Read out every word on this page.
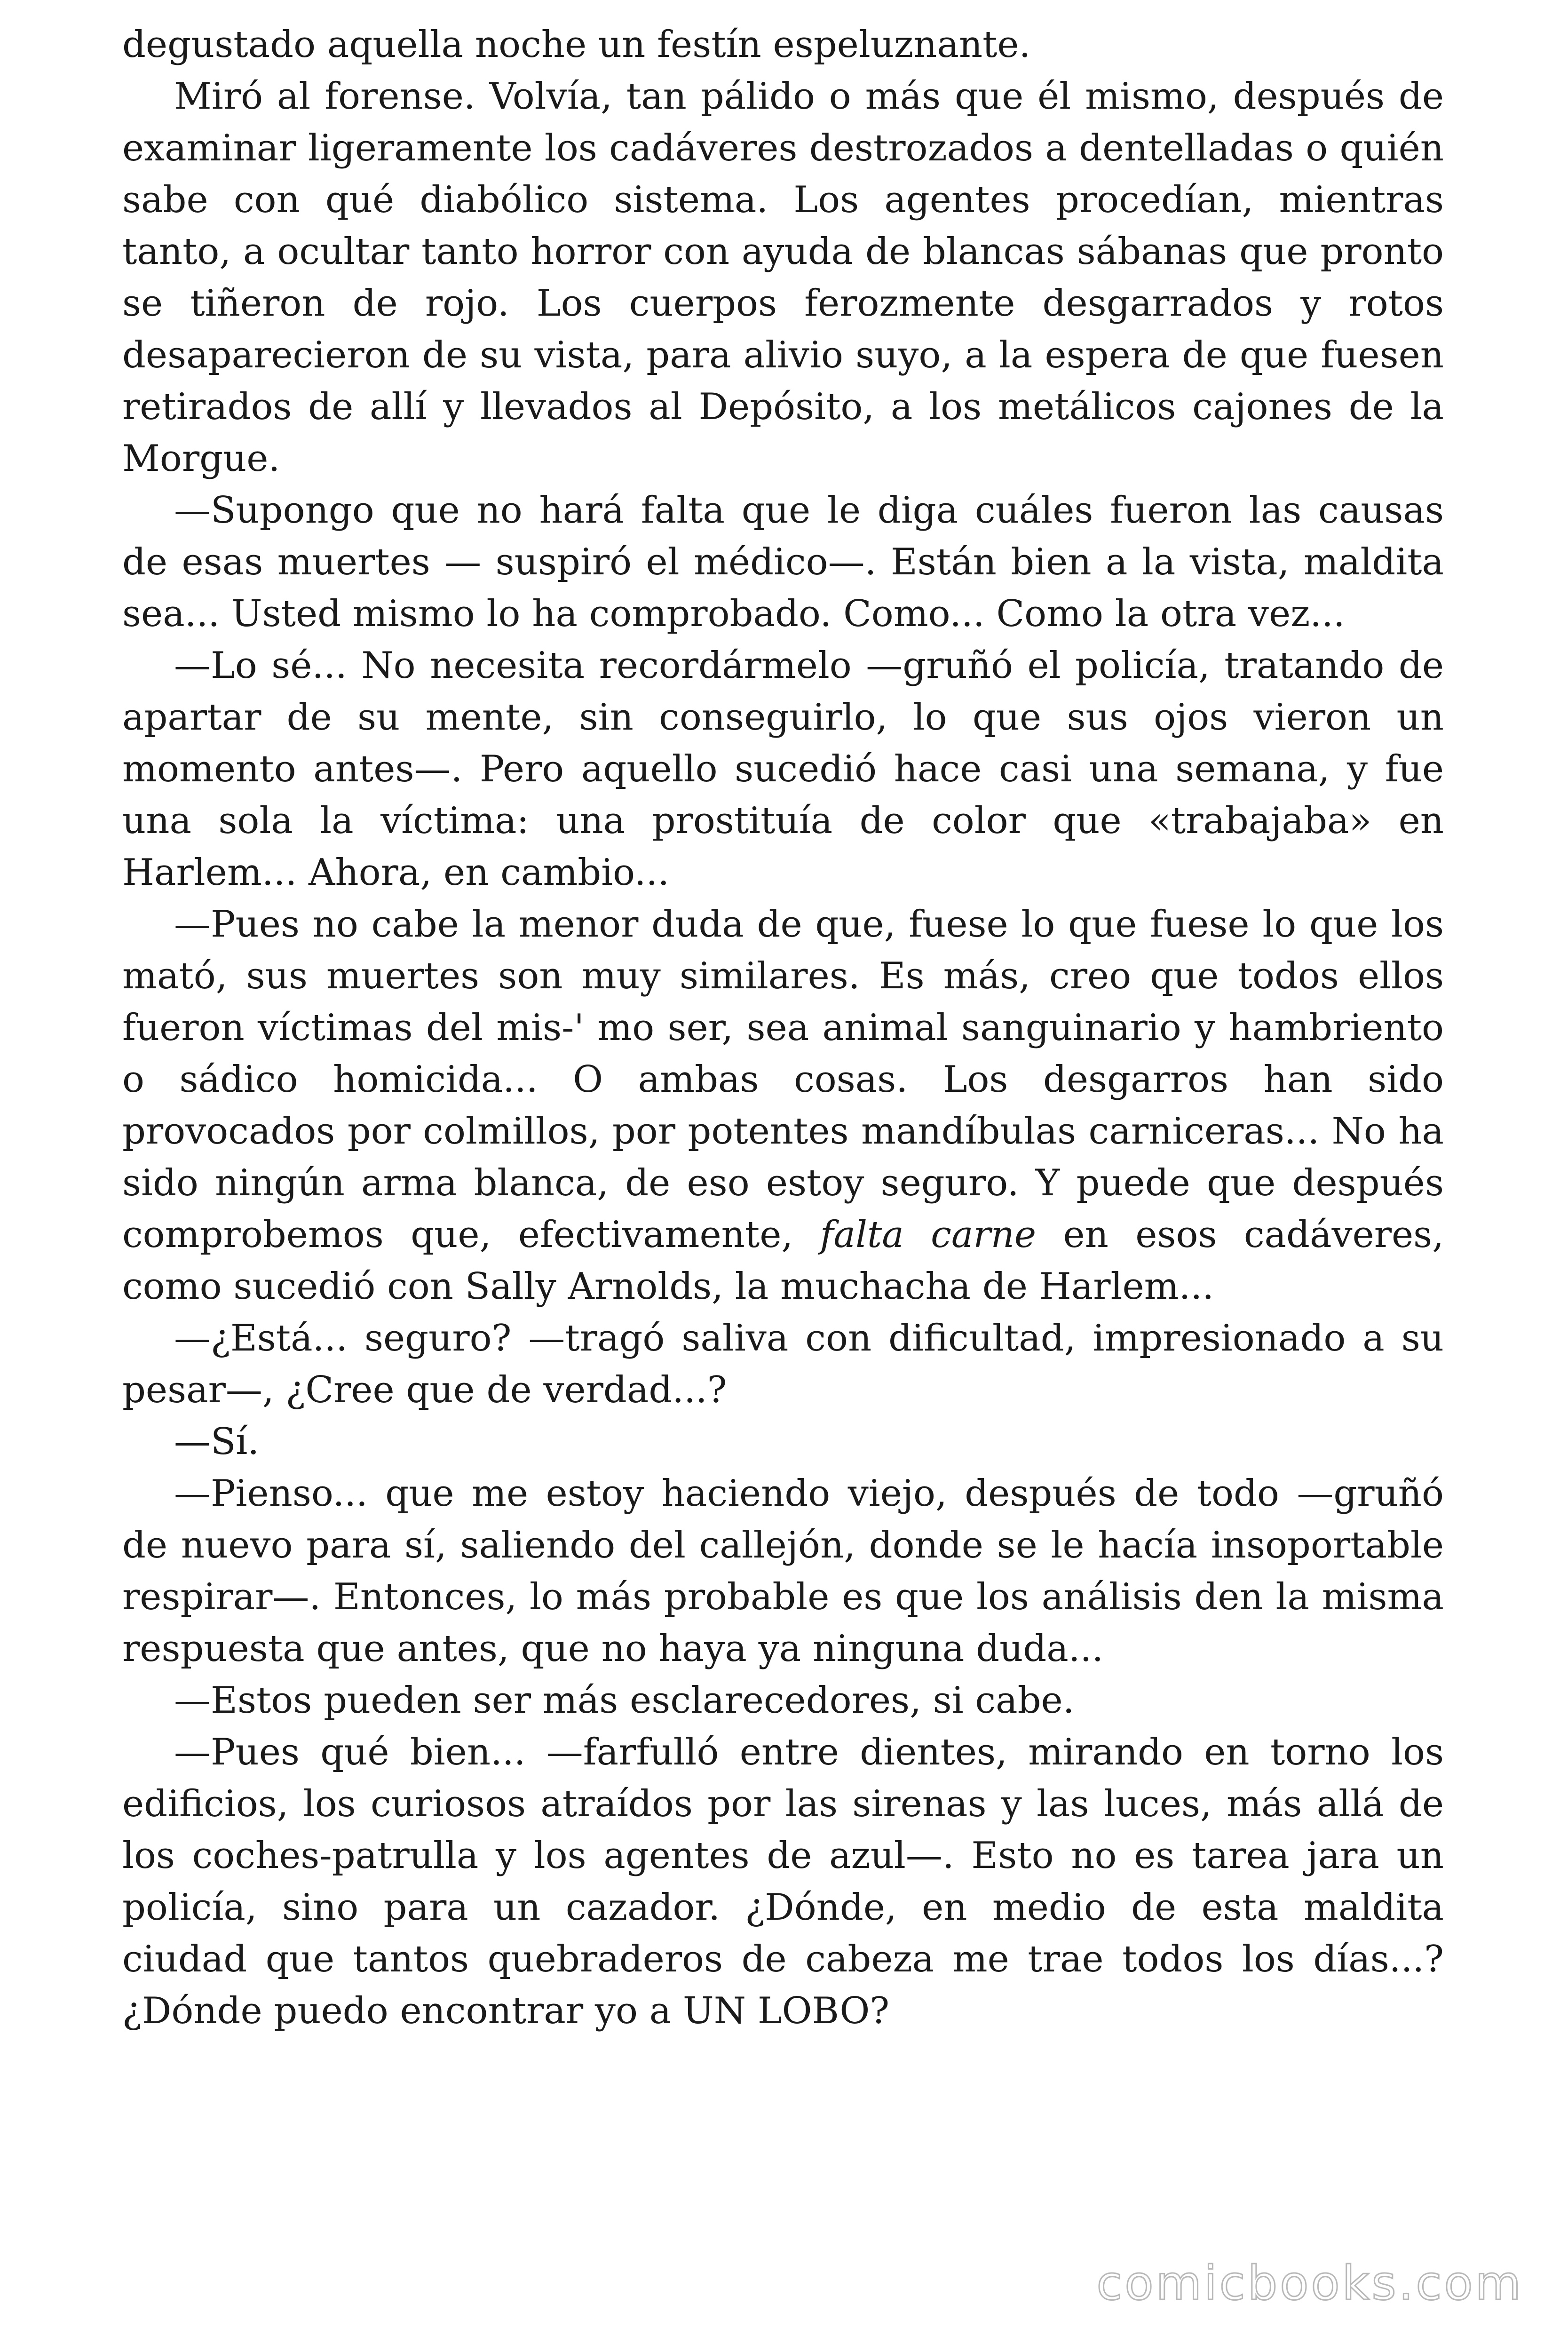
degustado aquella noche un festín espeluznante.

Miró al forense. Volvía, tan pálido o más que él mismo, después de examinar ligeramente los cadáveres destrozados a dentelladas o quién sabe con qué diabólico sistema. Los agentes procedían, mientras tanto, a ocultar tanto horror con ayuda de blancas sábanas que pronto se tiñeron de rojo. Los cuerpos ferozmente desgarrados y rotos desaparecieron de su vista, para alivio suyo, a la espera de que fuesen retirados de allí y llevados al Depósito, a los metálicos cajones de la Morgue.

—Supongo que no hará falta que le diga cuáles fueron las causas de esas muertes — suspiró el médico—. Están bien a la vista, maldita sea... Usted mismo lo ha comprobado. Como... Como la otra vez...

—Lo sé... No necesita recordármelo —gruñó el policía, tratando de apartar de su mente, sin conseguirlo, lo que sus ojos vieron un momento antes—. Pero aquello sucedió hace casi una semana, y fue una sola la víctima: una prostituía de color que «trabajaba» en Harlem... Ahora, en cambio...

—Pues no cabe la menor duda de que, fuese lo que fuese lo que los mató, sus muertes son muy similares. Es más, creo que todos ellos fueron víctimas del mis-' mo ser, sea animal sanguinario y hambriento o sádico homicida... O ambas cosas. Los desgarros han sido provocados por colmillos, por potentes mandíbulas carniceras... No ha sido ningún arma blanca, de eso estoy seguro. Y puede que después comprobemos que, efectivamente, falta carne en esos cadáveres, como sucedió con Sally Arnolds, la muchacha de Harlem...

—¿Está... seguro? —tragó saliva con dificultad, impresionado a su pesar—, ¿Cree que de verdad...?

—Sí.

—Pienso... que me estoy haciendo viejo, después de todo —gruñó de nuevo para sí, saliendo del callejón, donde se le hacía insoportable respirar—. Entonces, lo más probable es que los análisis den la misma respuesta que antes, que no haya ya ninguna duda...

—Estos pueden ser más esclarecedores, si cabe.

—Pues qué bien... —farfulló entre dientes, mirando en torno los edificios, los curiosos atraídos por las sirenas y las luces, más allá de los coches-patrulla y los agentes de azul—. Esto no es tarea jara un policía, sino para un cazador. ¿Dónde, en medio de esta maldita ciudad que tantos quebraderos de cabeza me trae todos los días...? ¿Dónde puedo encontrar yo a UN LOBO?

comicbooks.com
